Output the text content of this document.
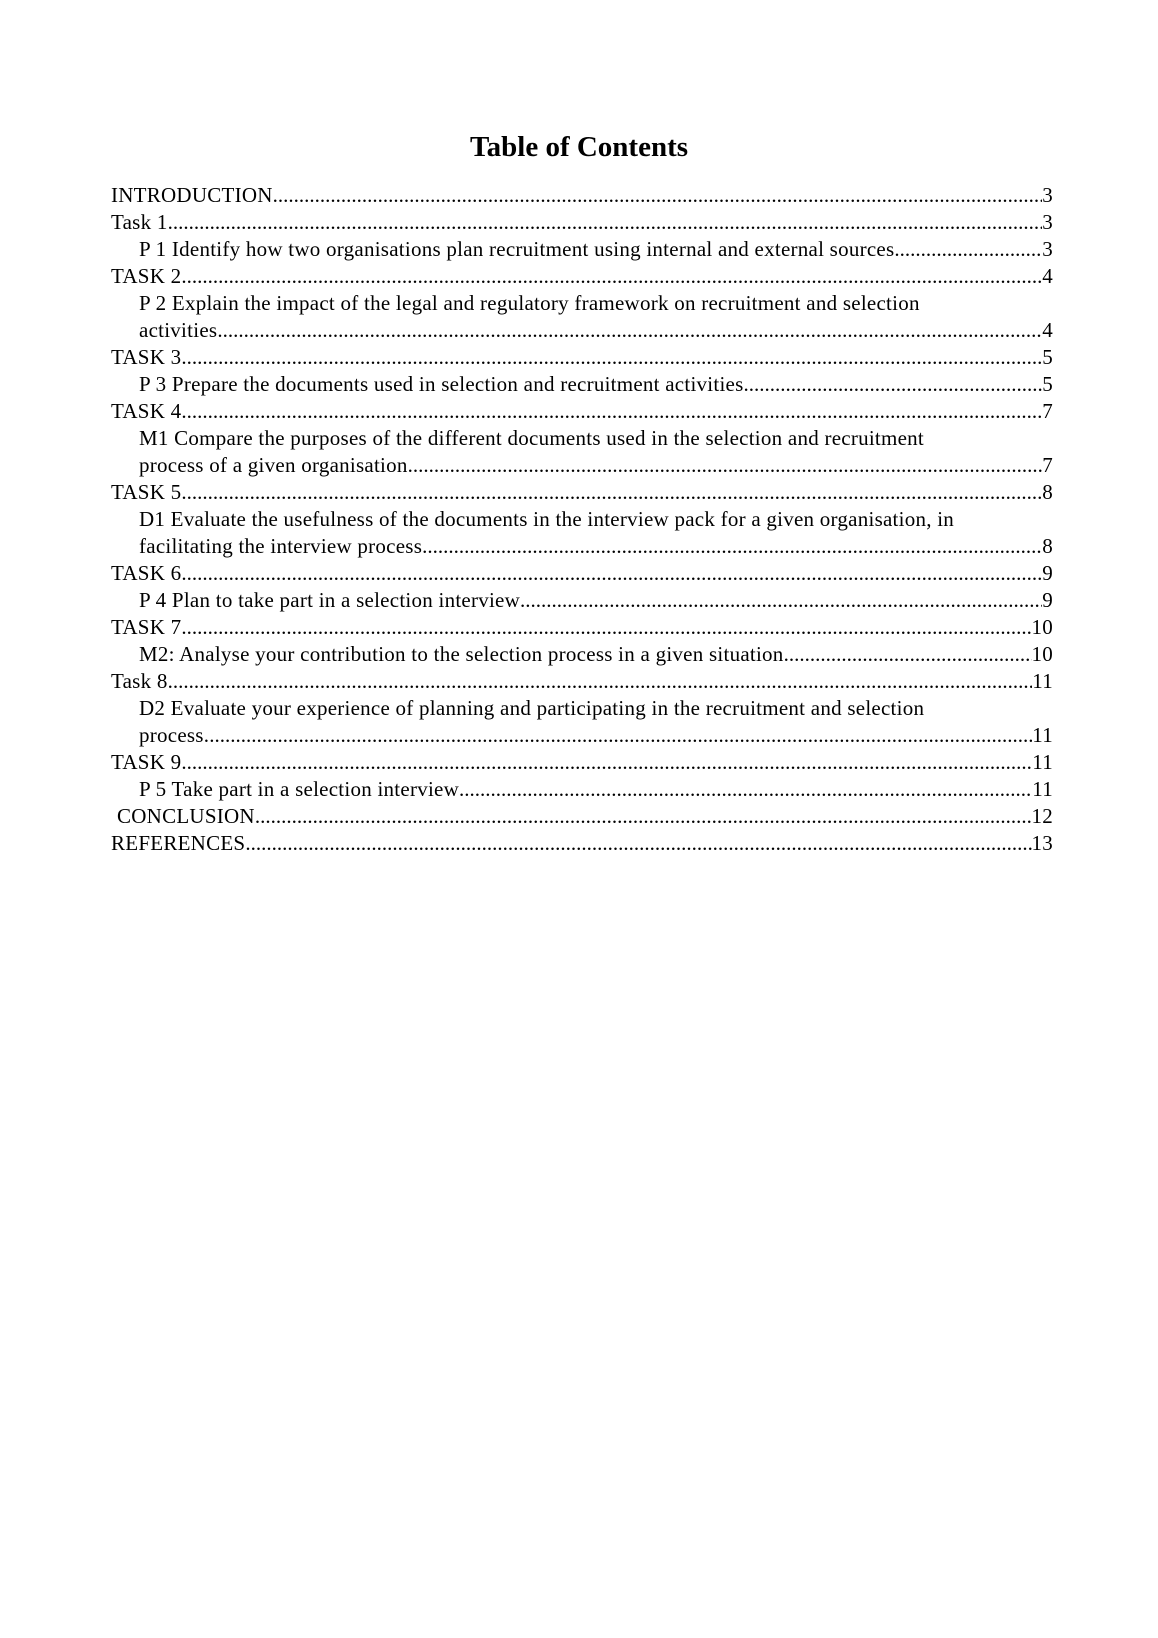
Table of Contents
INTRODUCTION .....	3
Task 1 .....	3
P 1 Identify how two organisations plan recruitment using internal and external sources .....	3
TASK 2 .....	4
P 2 Explain the impact of the legal and regulatory framework on recruitment and selection
activities .....	4
TASK 3 .....	5
P 3 Prepare the documents used in selection and recruitment activities .....	5
TASK 4 .....	7
M1 Compare the purposes of the different documents used in the selection and recruitment
process of a given organisation .....	7
TASK 5 .....	8
D1 Evaluate the usefulness of the documents in the interview pack for a given organisation, in
facilitating the interview process .....	8
TASK 6 .....	9
P 4 Plan to take part in a selection interview .....	9
TASK 7 .....	10
M2: Analyse your contribution to the selection process in a given situation .....	10
Task 8 .....	11
D2 Evaluate your experience of planning and participating in the recruitment and selection
process. .....	11
TASK 9 .....	11
P 5 Take part in a selection interview .....	11
CONCLUSION .....	12
REFERENCES .....	13
